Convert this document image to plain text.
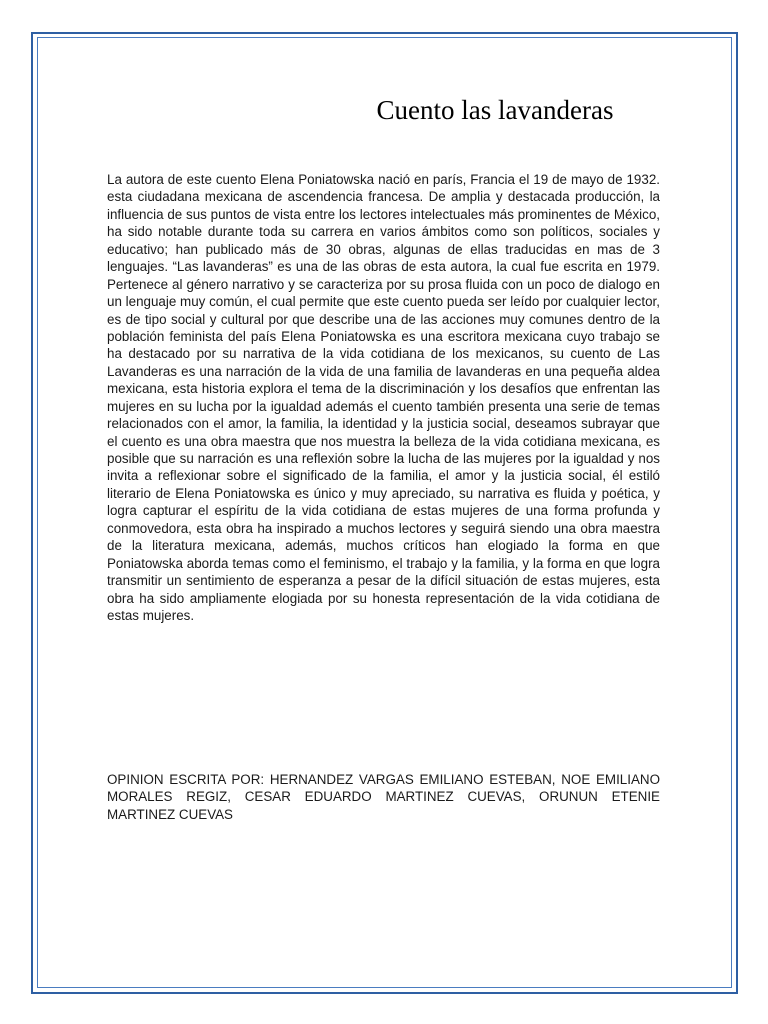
Cuento las lavanderas

La autora de este cuento Elena Poniatowska nació en parís, Francia el 19 de mayo de 1932. esta ciudadana mexicana de ascendencia francesa. De amplia y destacada producción, la influencia de sus puntos de vista entre los lectores intelectuales más prominentes de México, ha sido notable durante toda su carrera en varios ámbitos como son políticos, sociales y educativo; han publicado más de 30 obras, algunas de ellas traducidas en mas de 3 lenguajes. “Las lavanderas” es una de las obras de esta autora, la cual fue escrita en 1979. Pertenece al género narrativo y se caracteriza por su prosa fluida con un poco de dialogo en un lenguaje muy común, el cual permite que este cuento pueda ser leído por cualquier lector, es de tipo social y cultural por que describe una de las acciones muy comunes dentro de la población feminista del país Elena Poniatowska es una escritora mexicana cuyo trabajo se ha destacado por su narrativa de la vida cotidiana de los mexicanos, su cuento de Las Lavanderas es una narración de la vida de una familia de lavanderas en una pequeña aldea mexicana, esta historia explora el tema de la discriminación y los desafíos que enfrentan las mujeres en su lucha por la igualdad además el cuento también presenta una serie de temas relacionados con el amor, la familia, la identidad y la justicia social, deseamos subrayar que el cuento es una obra maestra que nos muestra la belleza de la vida cotidiana mexicana, es posible que su narración es una reflexión sobre la lucha de las mujeres por la igualdad y nos invita a reflexionar sobre el significado de la familia, el amor y la justicia social, él estiló literario de Elena Poniatowska es único y muy apreciado, su narrativa es fluida y poética, y logra capturar el espíritu de la vida cotidiana de estas mujeres de una forma profunda y conmovedora, esta obra ha inspirado a muchos lectores y seguirá siendo una obra maestra de la literatura mexicana, además, muchos críticos han elogiado la forma en que Poniatowska aborda temas como el feminismo, el trabajo y la familia, y la forma en que logra transmitir un sentimiento de esperanza a pesar de la difícil situación de estas mujeres, esta obra ha sido ampliamente elogiada por su honesta representación de la vida cotidiana de estas mujeres.

OPINION ESCRITA POR: HERNANDEZ VARGAS EMILIANO ESTEBAN, NOE EMILIANO MORALES REGIZ, CESAR EDUARDO MARTINEZ CUEVAS, ORUNUN ETENIE MARTINEZ CUEVAS
